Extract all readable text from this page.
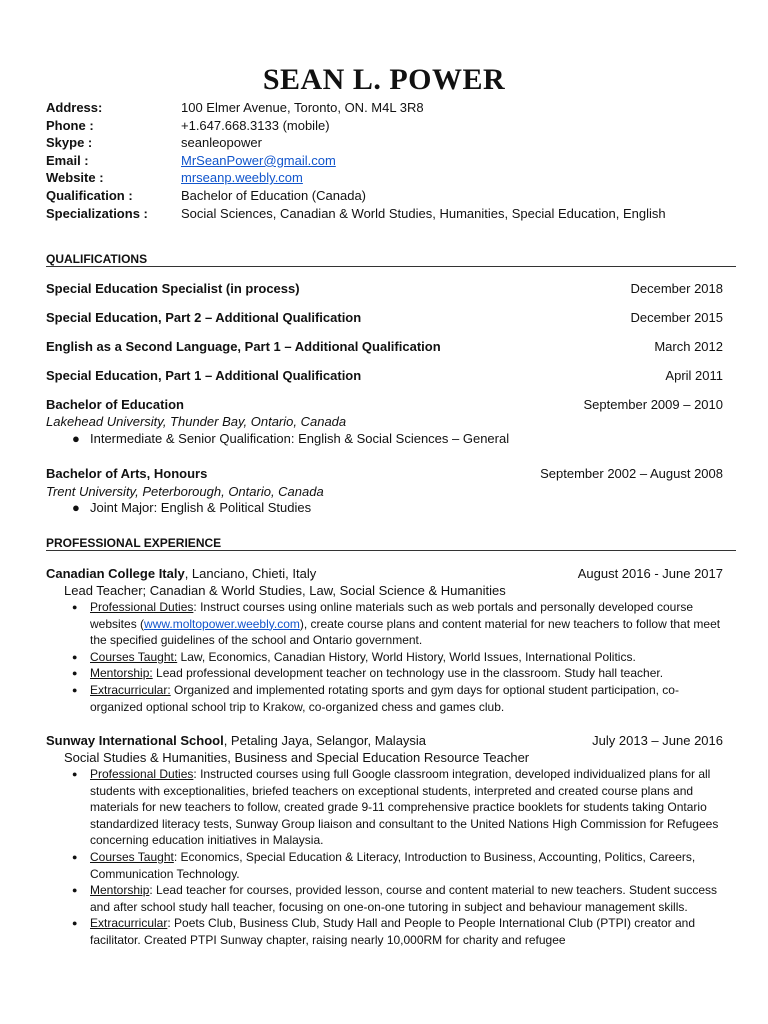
SEAN L. POWER
Address:	100 Elmer Avenue, Toronto, ON. M4L 3R8
Phone :	+1.647.668.3133 (mobile)
Skype :	seanleopower
Email :	MrSeanPower@gmail.com
Website :	mrseanp.weebly.com
Qualification :	Bachelor of Education (Canada)
Specializations :	Social Sciences, Canadian & World Studies, Humanities, Special Education, English
QUALIFICATIONS
Special Education Specialist (in process)	December 2018
Special Education, Part 2 – Additional Qualification	December 2015
English as a Second Language, Part 1 – Additional Qualification	March 2012
Special Education, Part 1 – Additional Qualification	April 2011
Bachelor of Education	September 2009 – 2010
Lakehead University, Thunder Bay, Ontario, Canada
● Intermediate & Senior Qualification: English & Social Sciences – General
Bachelor of Arts, Honours	September 2002 – August 2008
Trent University, Peterborough, Ontario, Canada
● Joint Major: English & Political Studies
PROFESSIONAL EXPERIENCE
Canadian College Italy, Lanciano, Chieti, Italy	August 2016 - June 2017
Lead Teacher; Canadian & World Studies, Law, Social Science & Humanities
● Professional Duties: Instruct courses using online materials such as web portals and personally developed course websites (www.moltopower.weebly.com), create course plans and content material for new teachers to follow that meet the specified guidelines of the school and Ontario government.
● Courses Taught: Law, Economics, Canadian History, World History, World Issues, International Politics.
● Mentorship: Lead professional development teacher on technology use in the classroom. Study hall teacher.
● Extracurricular: Organized and implemented rotating sports and gym days for optional student participation, co-organized optional school trip to Krakow, co-organized chess and games club.
Sunway International School, Petaling Jaya, Selangor, Malaysia	July 2013 – June 2016
Social Studies & Humanities, Business and Special Education Resource Teacher
● Professional Duties: Instructed courses using full Google classroom integration, developed individualized plans for all students with exceptionalities, briefed teachers on exceptional students, interpreted and created course plans and materials for new teachers to follow, created grade 9-11 comprehensive practice booklets for students taking Ontario standardized literacy tests, Sunway Group liaison and consultant to the United Nations High Commission for Refugees concerning education initiatives in Malaysia.
● Courses Taught: Economics, Special Education & Literacy, Introduction to Business, Accounting, Politics, Careers, Communication Technology.
● Mentorship: Lead teacher for courses, provided lesson, course and content material to new teachers. Student success and after school study hall teacher, focusing on one-on-one tutoring in subject and behaviour management skills.
● Extracurricular: Poets Club, Business Club, Study Hall and People to People International Club (PTPI) creator and facilitator. Created PTPI Sunway chapter, raising nearly 10,000RM for charity and refugee
